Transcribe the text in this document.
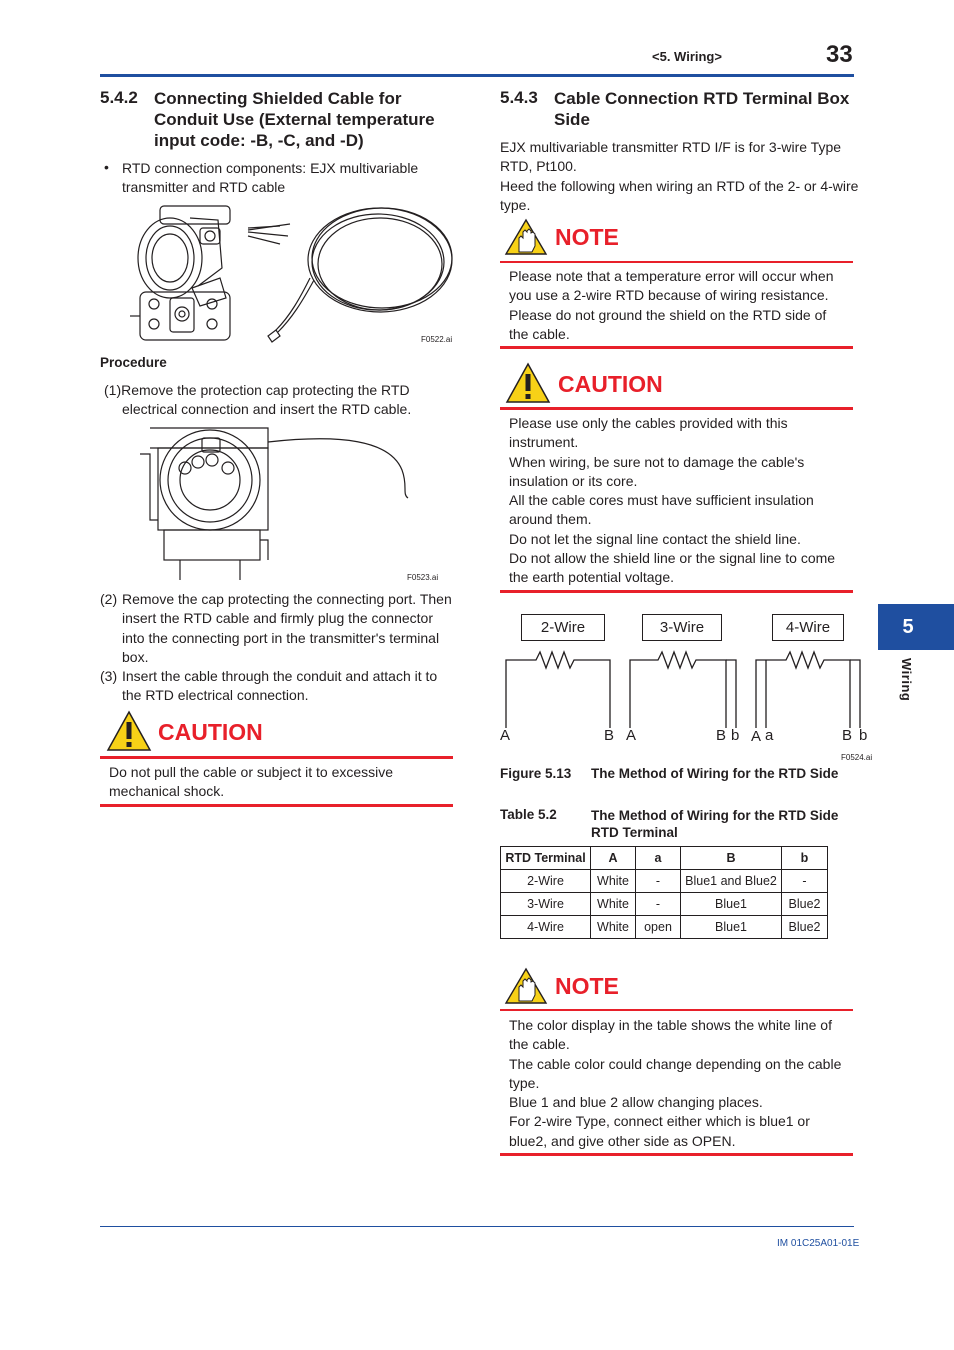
<5. Wiring>	33
5
Wiring
5.4.2 Connecting Shielded Cable for
Conduit Use (External temperature
input code: -B, -C, and -D)
• RTD connection components: EJX multivariable
transmitter and RTD cable
F0522.ai
Procedure
(1)Remove the protection cap protecting the RTD
electrical connection and insert the RTD cable.
F0523.ai
(2) Remove the cap protecting the connecting port. Then
insert the RTD cable and firmly plug the connector
into the connecting port in the transmitter's terminal
box.
(3) Insert the cable through the conduit and attach it to
the RTD electrical connection.
CAUTION
Do not pull the cable or subject it to excessive
mechanical shock.
5.4.3 Cable Connection RTD Terminal Box
Side
EJX multivariable transmitter RTD I/F is for 3-wire Type
RTD, Pt100.
Heed the following when wiring an RTD of the 2- or 4-wire
type.
NOTE
Please note that a temperature error will occur when
you use a 2-wire RTD because of wiring resistance.
Please do not ground the shield on the RTD side of
the cable.
CAUTION
Please use only the cables provided with this
instrument.
When wiring, be sure not to damage the cable's
insulation or its core.
All the cable cores must have sufficient insulation
around them.
Do not let the signal line contact the shield line.
Do not allow the shield line or the signal line to come
the earth potential voltage.
2-Wire	3-Wire	4-Wire
A	B A	B b A a	B b
F0524.ai
Figure 5.13 The Method of Wiring for the RTD Side
Table 5.2	The Method of Wiring for the RTD Side
RTD Terminal
RTD Terminal	A	a	B	b
2-Wire	White	-	Blue1 and Blue2	-
3-Wire	White	-	Blue1	Blue2
4-Wire	White	open	Blue1	Blue2
NOTE
The color display in the table shows the white line of
the cable.
The cable color could change depending on the cable
type.
Blue 1 and blue 2 allow changing places.
For 2-wire Type, connect either which is blue1 or
blue2, and give other side as OPEN.
IM 01C25A01-01E
